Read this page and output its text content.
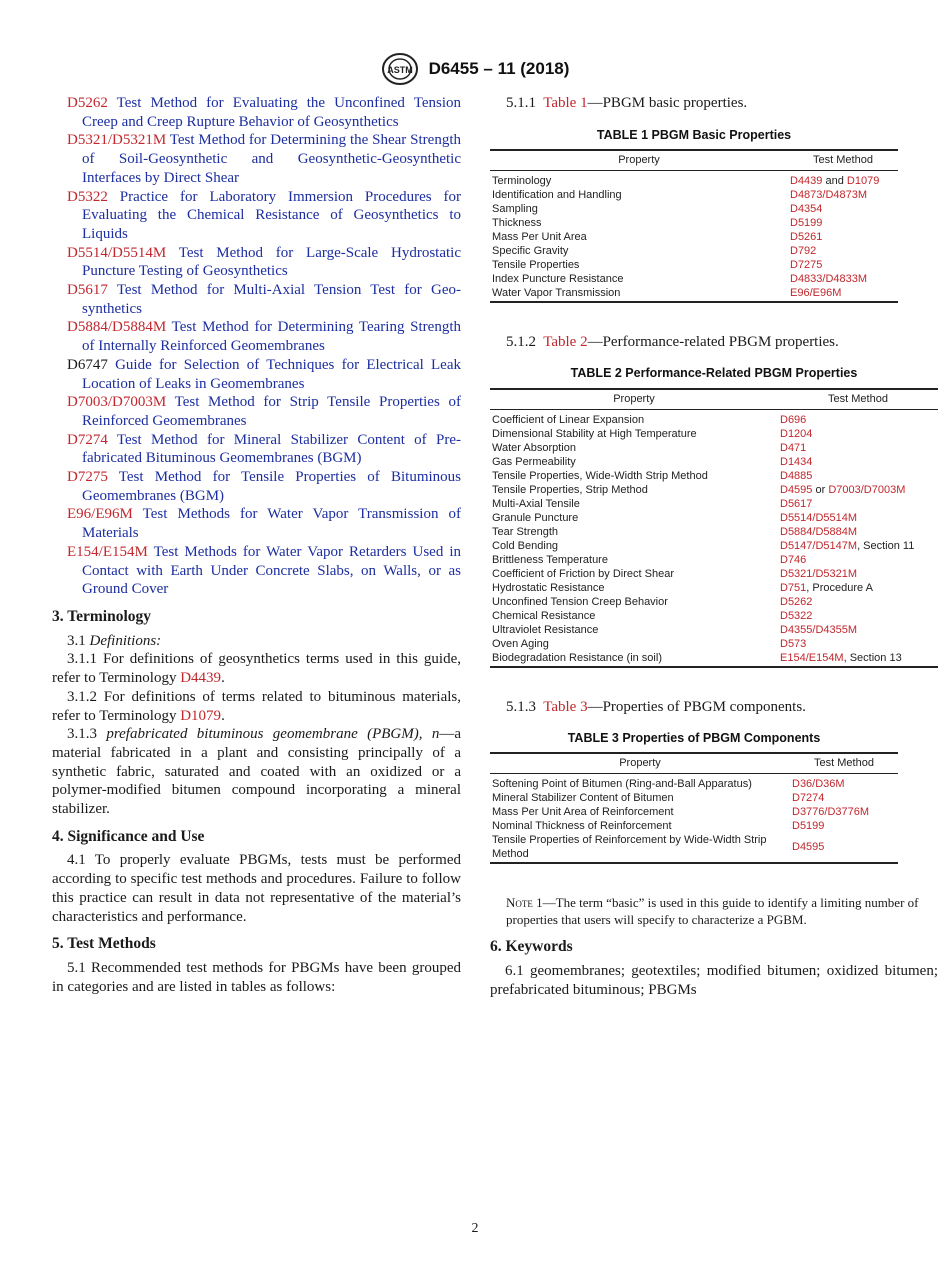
ASTM D6455 – 11 (2018)
D5262 Test Method for Evaluating the Unconfined Tension Creep and Creep Rupture Behavior of Geosynthetics
D5321/D5321M Test Method for Determining the Shear Strength of Soil-Geosynthetic and Geosynthetic-Geosynthetic Interfaces by Direct Shear
D5322 Practice for Laboratory Immersion Procedures for Evaluating the Chemical Resistance of Geosynthetics to Liquids
D5514/D5514M Test Method for Large-Scale Hydrostatic Puncture Testing of Geosynthetics
D5617 Test Method for Multi-Axial Tension Test for Geo-synthetics
D5884/D5884M Test Method for Determining Tearing Strength of Internally Reinforced Geomembranes
D6747 Guide for Selection of Techniques for Electrical Leak Location of Leaks in Geomembranes
D7003/D7003M Test Method for Strip Tensile Properties of Reinforced Geomembranes
D7274 Test Method for Mineral Stabilizer Content of Pre-fabricated Bituminous Geomembranes (BGM)
D7275 Test Method for Tensile Properties of Bituminous Geomembranes (BGM)
E96/E96M Test Methods for Water Vapor Transmission of Materials
E154/E154M Test Methods for Water Vapor Retarders Used in Contact with Earth Under Concrete Slabs, on Walls, or as Ground Cover
3. Terminology
3.1 Definitions:
3.1.1 For definitions of geosynthetics terms used in this guide, refer to Terminology D4439.
3.1.2 For definitions of terms related to bituminous materials, refer to Terminology D1079.
3.1.3 prefabricated bituminous geomembrane (PBGM), n—a material fabricated in a plant and consisting principally of a synthetic fabric, saturated and coated with an oxidized or a polymer-modified bitumen compound incorporating a mineral stabilizer.
4. Significance and Use
4.1 To properly evaluate PBGMs, tests must be performed according to specific test methods and procedures. Failure to follow this practice can result in data not representative of the material’s characteristics and performance.
5. Test Methods
5.1 Recommended test methods for PBGMs have been grouped in categories and are listed in tables as follows:
5.1.1 Table 1—PBGM basic properties.
TABLE 1 PBGM Basic Properties
Property	Test Method
Terminology	D4439 and D1079
Identification and Handling	D4873/D4873M
Sampling	D4354
Thickness	D5199
Mass Per Unit Area	D5261
Specific Gravity	D792
Tensile Properties	D7275
Index Puncture Resistance	D4833/D4833M
Water Vapor Transmission	E96/E96M
5.1.2 Table 2—Performance-related PBGM properties.
TABLE 2 Performance-Related PBGM Properties
Property	Test Method
Coefficient of Linear Expansion	D696
Dimensional Stability at High Temperature	D1204
Water Absorption	D471
Gas Permeability	D1434
Tensile Properties, Wide-Width Strip Method	D4885
Tensile Properties, Strip Method	D4595 or D7003/D7003M
Multi-Axial Tensile	D5617
Granule Puncture	D5514/D5514M
Tear Strength	D5884/D5884M
Cold Bending	D5147/D5147M, Section 11
Brittleness Temperature	D746
Coefficient of Friction by Direct Shear	D5321/D5321M
Hydrostatic Resistance	D751, Procedure A
Unconfined Tension Creep Behavior	D5262
Chemical Resistance	D5322
Ultraviolet Resistance	D4355/D4355M
Oven Aging	D573
Biodegradation Resistance (in soil)	E154/E154M, Section 13
5.1.3 Table 3—Properties of PBGM components.
TABLE 3 Properties of PBGM Components
Property	Test Method
Softening Point of Bitumen (Ring-and-Ball Apparatus)	D36/D36M
Mineral Stabilizer Content of Bitumen	D7274
Mass Per Unit Area of Reinforcement	D3776/D3776M
Nominal Thickness of Reinforcement	D5199
Tensile Properties of Reinforcement by Wide-Width Strip Method	D4595
Note 1—The term “basic” is used in this guide to identify a limiting number of properties that users will specify to characterize a PGBM.
6. Keywords
6.1 geomembranes; geotextiles; modified bitumen; oxidized bitumen; prefabricated bituminous; PBGMs
2
